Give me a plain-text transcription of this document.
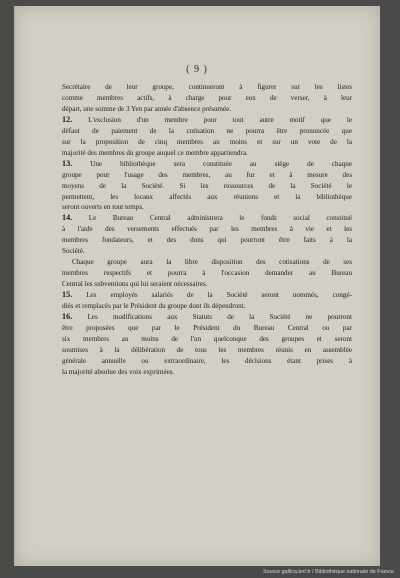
( 9 )
Secrétaire de leur groupe, continueront à figurer sur les listes
comme membres actifs, à charge pour eux de verser, à leur
départ, une somme de 3 Yen par année d'absence présumée.
12. L'exclusion d'un membre pour tout autre motif que le
défaut de paiement de la cotisation ne pourra être prononcée que
sur la proposition de cinq membres au moins et sur un vote de la
majorité des membres du groupe auquel ce membre appartiendra.
13. Une bibliothèque sera constituée au siège de chaque
groupe pour l'usage des membres, au fur et à mesure des
moyens de la Société. Si les ressources de la Société le
permettent, les locaux affectés aux réunions et la bibliothèque
seront ouverts en tout temps.
14. Le Bureau Central administrera le fonds social constitué
à l'aide des versements effectués par les membres à vie et les
membres fondateurs, et des dons qui pourront être faits à la
Société.
Chaque groupe aura la libre disposition des cotisations de ses
membres respectifs et pourra à l'occasion demander au Bureau
Central les subventions qui lui seraient nécessaires.
15. Les employés salariés de la Société seront nommés, congé-
diés et remplacés par le Président du groupe dont ils dépendront.
16. Les modifications aux Statuts de la Société ne pourront
être proposées que par le Président du Bureau Central ou par
six membres au moins de l'un quelconque des groupes et seront
soumises à la délibération de tous les membres réunis en assemblée
générale annuelle ou extraordinaire, les décisions étant prises à
la majorité absolue des voix exprimées.
Source gallica.bnf.fr / Bibliothèque nationale de France
